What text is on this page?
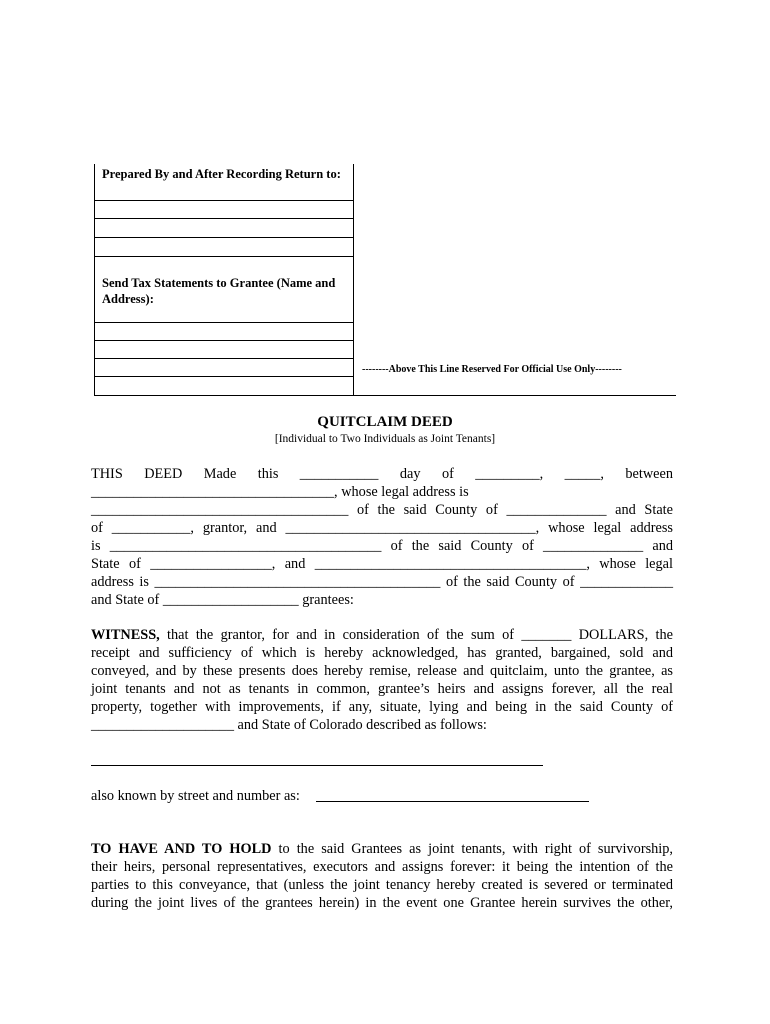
Prepared By and After Recording Return to:
Send Tax Statements to Grantee (Name and Address):
--------Above This Line Reserved For Official Use Only--------
QUITCLAIM DEED
[Individual to Two Individuals as Joint Tenants]
THIS DEED Made this ___________ day of _________, _____, between
__________________________________, whose legal address is
____________________________________ of the said County of ______________ and State
of ___________, grantor, and ___________________________________, whose legal address
is ______________________________________ of the said County of ______________ and
State of _________________, and ______________________________________, whose legal
address is ________________________________________ of the said County of _____________
and State of ___________________ grantees:
WITNESS, that the grantor, for and in consideration of the sum of _______ DOLLARS, the
receipt and sufficiency of which is hereby acknowledged, has granted, bargained, sold and
conveyed, and by these presents does hereby remise, release and quitclaim, unto the grantee, as
joint tenants and not as tenants in common, grantee’s heirs and assigns forever, all the real
property, together with improvements, if any, situate, lying and being in the said County of
____________________ and State of Colorado described as follows:
also known by street and number as:
TO HAVE AND TO HOLD to the said Grantees as joint tenants, with right of survivorship,
their heirs, personal representatives, executors and assigns forever: it being the intention of the
parties to this conveyance, that (unless the joint tenancy hereby created is severed or terminated
during the joint lives of the grantees herein) in the event one Grantee herein survives the other,
